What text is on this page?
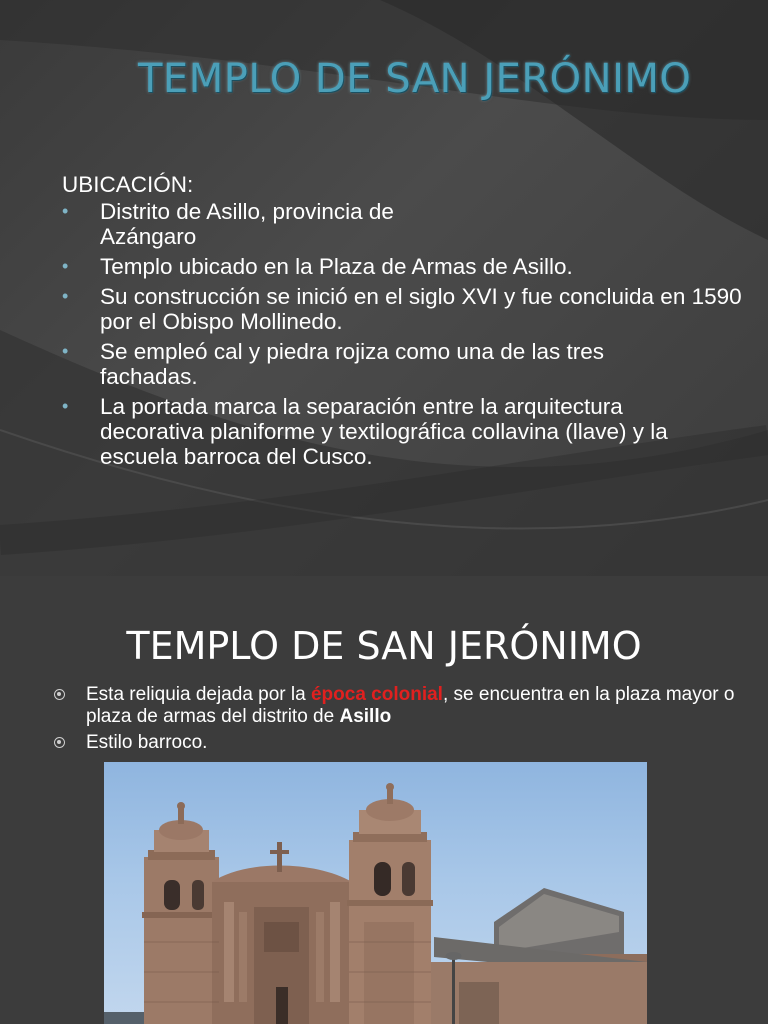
TEMPLO DE SAN JERÓNIMO
UBICACIÓN:
• Distrito de Asillo, provincia de Azángaro
• Templo ubicado en la Plaza de Armas de Asillo.
• Su construcción se inició en el siglo XVI y fue concluida en 1590 por el Obispo Mollinedo.
• Se empleó cal y piedra rojiza como una de las tres fachadas.
• La portada marca la separación entre la arquitectura decorativa planiforme y textilográfica collavina (llave) y la escuela barroca del Cusco.
TEMPLO DE SAN JERÓNIMO
Esta reliquia dejada por la época colonial, se encuentra en la plaza mayor o plaza de armas del distrito de Asillo
Estilo barroco.
